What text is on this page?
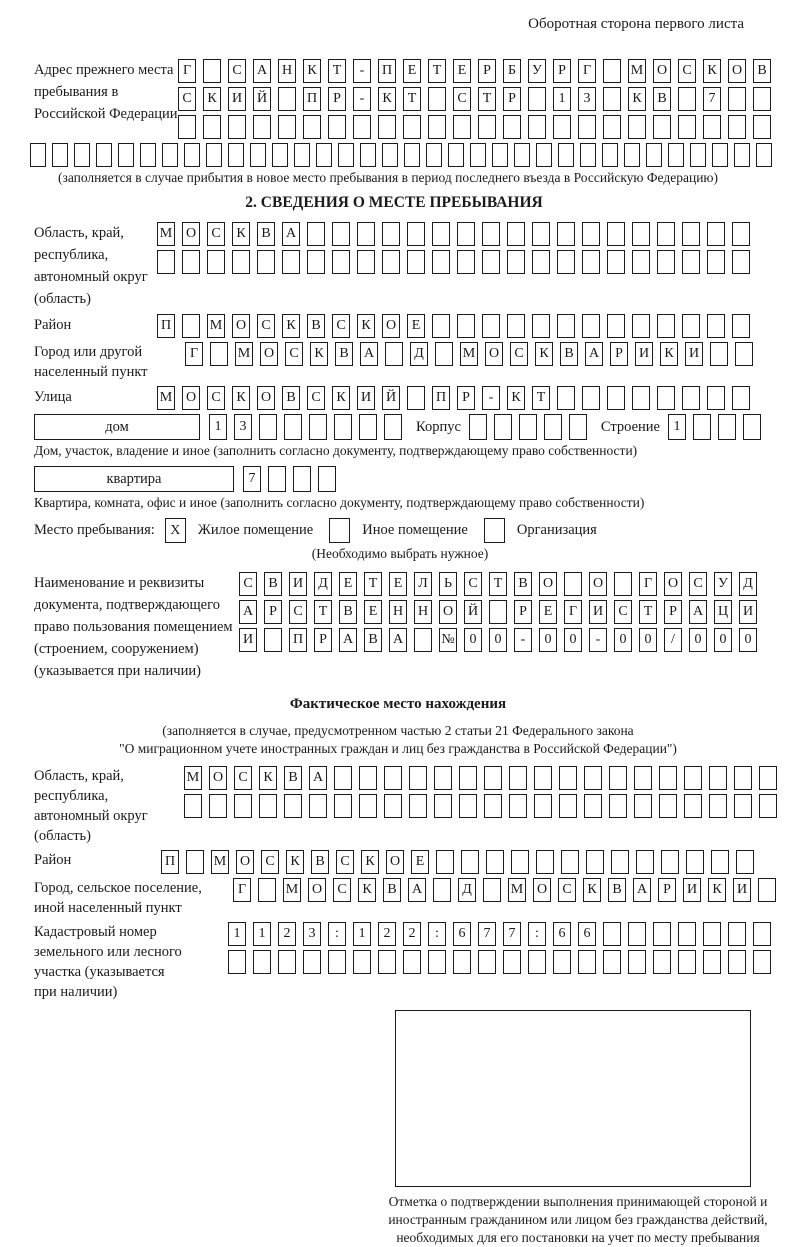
Оборотная сторона первого листа
Адрес прежнего места пребывания в Российской Федерации
Г	С	А Н	К	Т	-	П	Е	Т	Е	Р	Б	У	Р	Г	М О	С	К	О	В
С	К	И Й	П	Р	-	К	Т	С	Т	Р	1	3	К	В	7
(заполняется в случае прибытия в новое место пребывания в период последнего въезда в Российскую Федерацию)
2. СВЕДЕНИЯ О МЕСТЕ ПРЕБЫВАНИЯ
Область, край, республика, автономный округ (область)
М О	С	К	В	А
Район	П	М О	С	К	В	С	К	О	Е
Город или другой населенный пункт
Г	М О	С	К	В	А	Д	М О	С	К	В	А	Р	И	К	И
Улица	М О	С	К	О	В	С	К	И Й	П	Р	-	К	Т
дом	1	3	Корпус	Строение 1
Дом, участок, владение и иное (заполнить согласно документу, подтверждающему право собственности)
квартира	7
Квартира, комната, офис и иное (заполнить согласно документу, подтверждающему право собственности)
Место пребывания:	X	Жилое помещение	Иное помещение	Организация
(Необходимо выбрать нужное)
Наименование и реквизиты документа, подтверждающего право пользования помещением (строением, сооружением) (указывается при наличии)
С	В	И	Д	Е	Т	Е	Л	Ь	С	Т	В	О	О	Г	О	С	У	Д
А	Р	С	Т	В	Е	Н Н О Й	Р	Е	Г	И	С	Т	Р	А Ц И
И	П	Р	А	В	А	№	0	0	-	0	0	-	0	0	/	0	0	0
Фактическое место нахождения
(заполняется в случае, предусмотренном частью 2 статьи 21 Федерального закона
"О миграционном учете иностранных граждан и лиц без гражданства в Российской Федерации")
Область, край, республика, автономный округ (область)
М О	С	К	В	А
Район	П	М О	С	К	В	С	К	О	Е
Город, сельское поселение, иной населенный пункт
Г	М О	С	К	В	А	Д	М О	С	К	В	А	Р	И	К	И
Кадастровый номер земельного или лесного участка (указывается при наличии)
1	1	2	3	:	1	2	2	:	6	7	7	:	6	6
Отметка о подтверждении выполнения принимающей стороной и иностранным гражданином или лицом без гражданства действий, необходимых для его постановки на учет по месту пребывания
